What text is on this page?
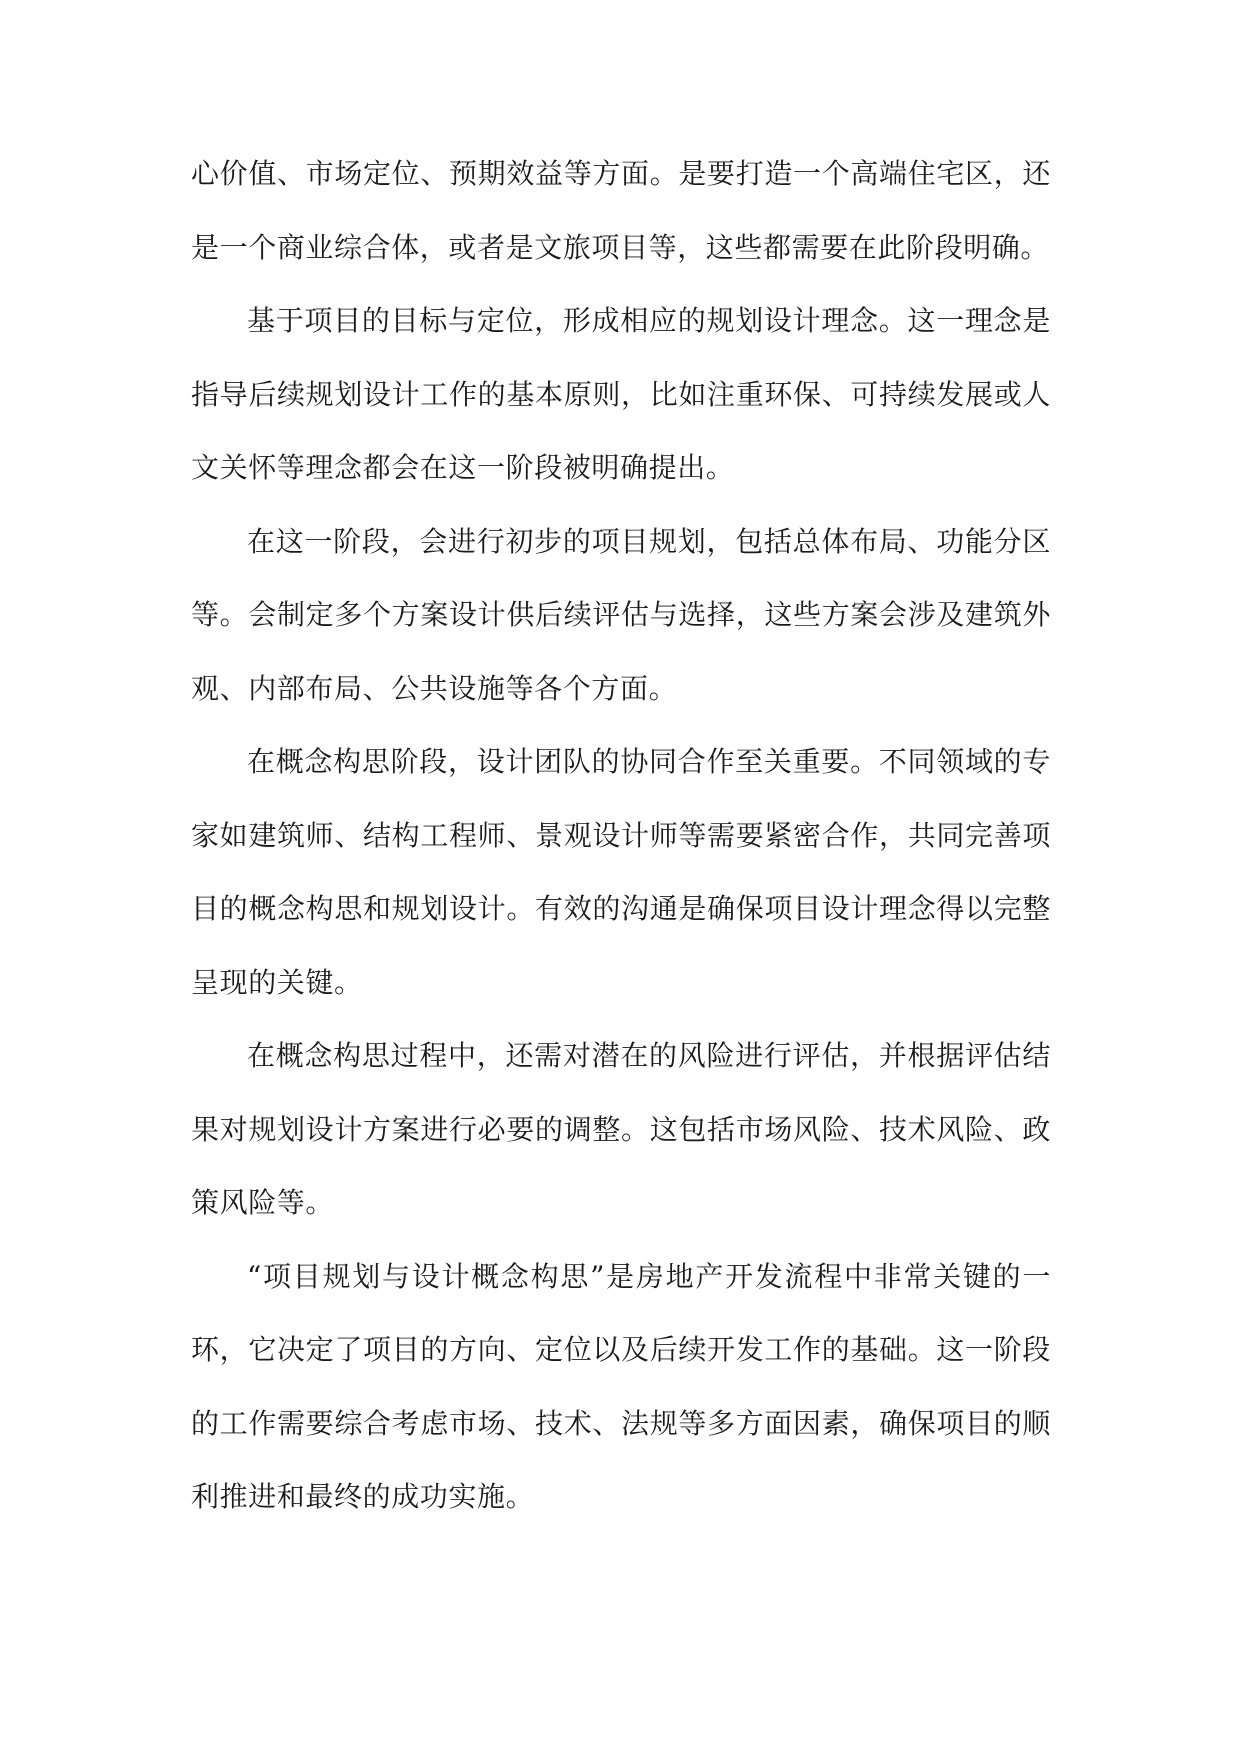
心价值、市场定位、预期效益等方面。是要打造一个高端住宅区，还是一个商业综合体，或者是文旅项目等，这些都需要在此阶段明确。

基于项目的目标与定位，形成相应的规划设计理念。这一理念是指导后续规划设计工作的基本原则，比如注重环保、可持续发展或人文关怀等理念都会在这一阶段被明确提出。

在这一阶段，会进行初步的项目规划，包括总体布局、功能分区等。会制定多个方案设计供后续评估与选择，这些方案会涉及建筑外观、内部布局、公共设施等各个方面。

在概念构思阶段，设计团队的协同合作至关重要。不同领域的专家如建筑师、结构工程师、景观设计师等需要紧密合作，共同完善项目的概念构思和规划设计。有效的沟通是确保项目设计理念得以完整呈现的关键。

在概念构思过程中，还需对潜在的风险进行评估，并根据评估结果对规划设计方案进行必要的调整。这包括市场风险、技术风险、政策风险等。

“项目规划与设计概念构思”是房地产开发流程中非常关键的一环，它决定了项目的方向、定位以及后续开发工作的基础。这一阶段的工作需要综合考虑市场、技术、法规等多方面因素，确保项目的顺利推进和最终的成功实施。
